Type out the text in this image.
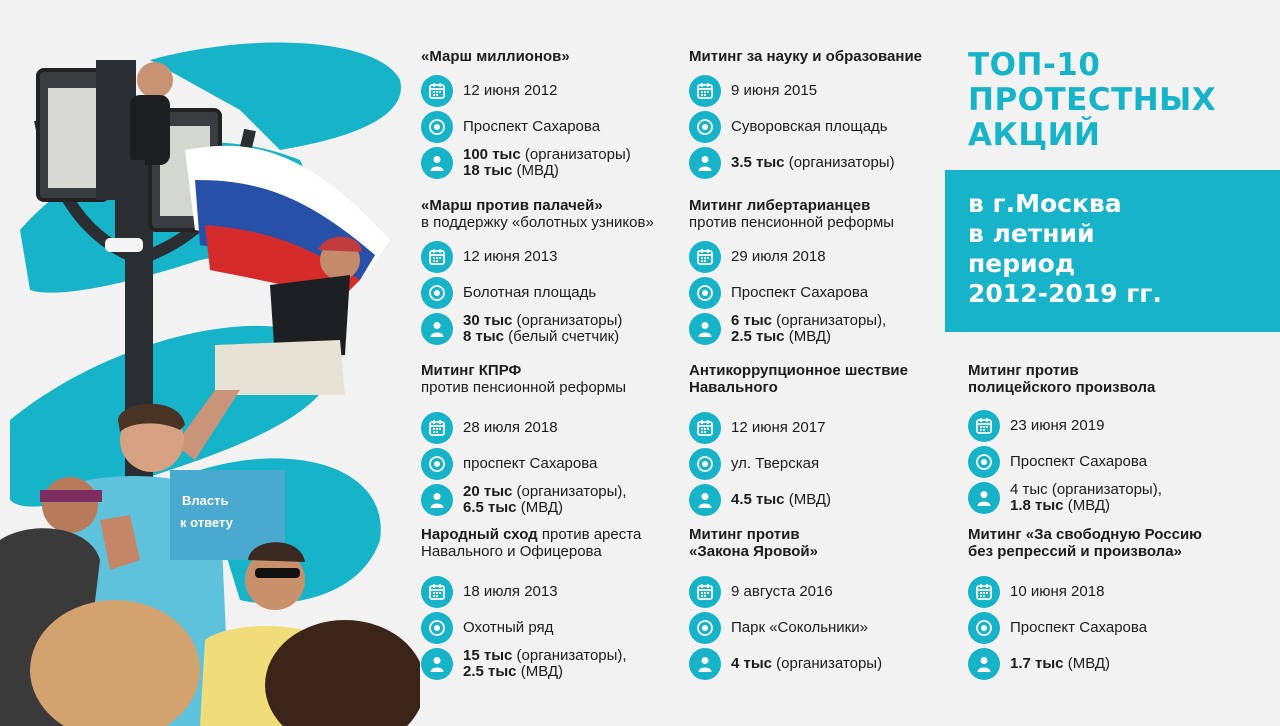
Власть
к ответу
«Марш миллионов»
12 июня 2012
Проспект Сахарова
100 тыс (организаторы)
18 тыс (МВД)
«Марш против палачей»
в поддержку «болотных узников»
12 июня 2013
Болотная площадь
30 тыс (организаторы)
8 тыс (белый счетчик)
Митинг КПРФ
против пенсионной реформы
28 июля 2018
проспект Сахарова
20 тыс (организаторы),
6.5 тыс (МВД)
Народный сход против ареста
Навального и Офицерова
18 июля 2013
Охотный ряд
15 тыс (организаторы),
2.5 тыс (МВД)
Митинг за науку и образование
9 июня 2015
Суворовская площадь
3.5 тыс (организаторы)
Митинг либертарианцев
против пенсионной реформы
29 июля 2018
Проспект Сахарова
6 тыс (организаторы),
2.5 тыс (МВД)
Антикоррупционное шествие
Навального
12 июня 2017
ул. Тверская
4.5 тыс (МВД)
Митинг против
«Закона Яровой»
9 августа 2016
Парк «Сокольники»
4 тыс (организаторы)
Митинг против
полицейского произвола
23 июня 2019
Проспект Сахарова
4 тыс (организаторы),
1.8 тыс (МВД)
Митинг «За свободную Россию
без репрессий и произвола»
10 июня 2018
Проспект Сахарова
1.7 тыс (МВД)
ТОП-10
ПРОТЕСТНЫХ
АКЦИЙ
в г.Москва
в летний
период
2012-2019 гг.
